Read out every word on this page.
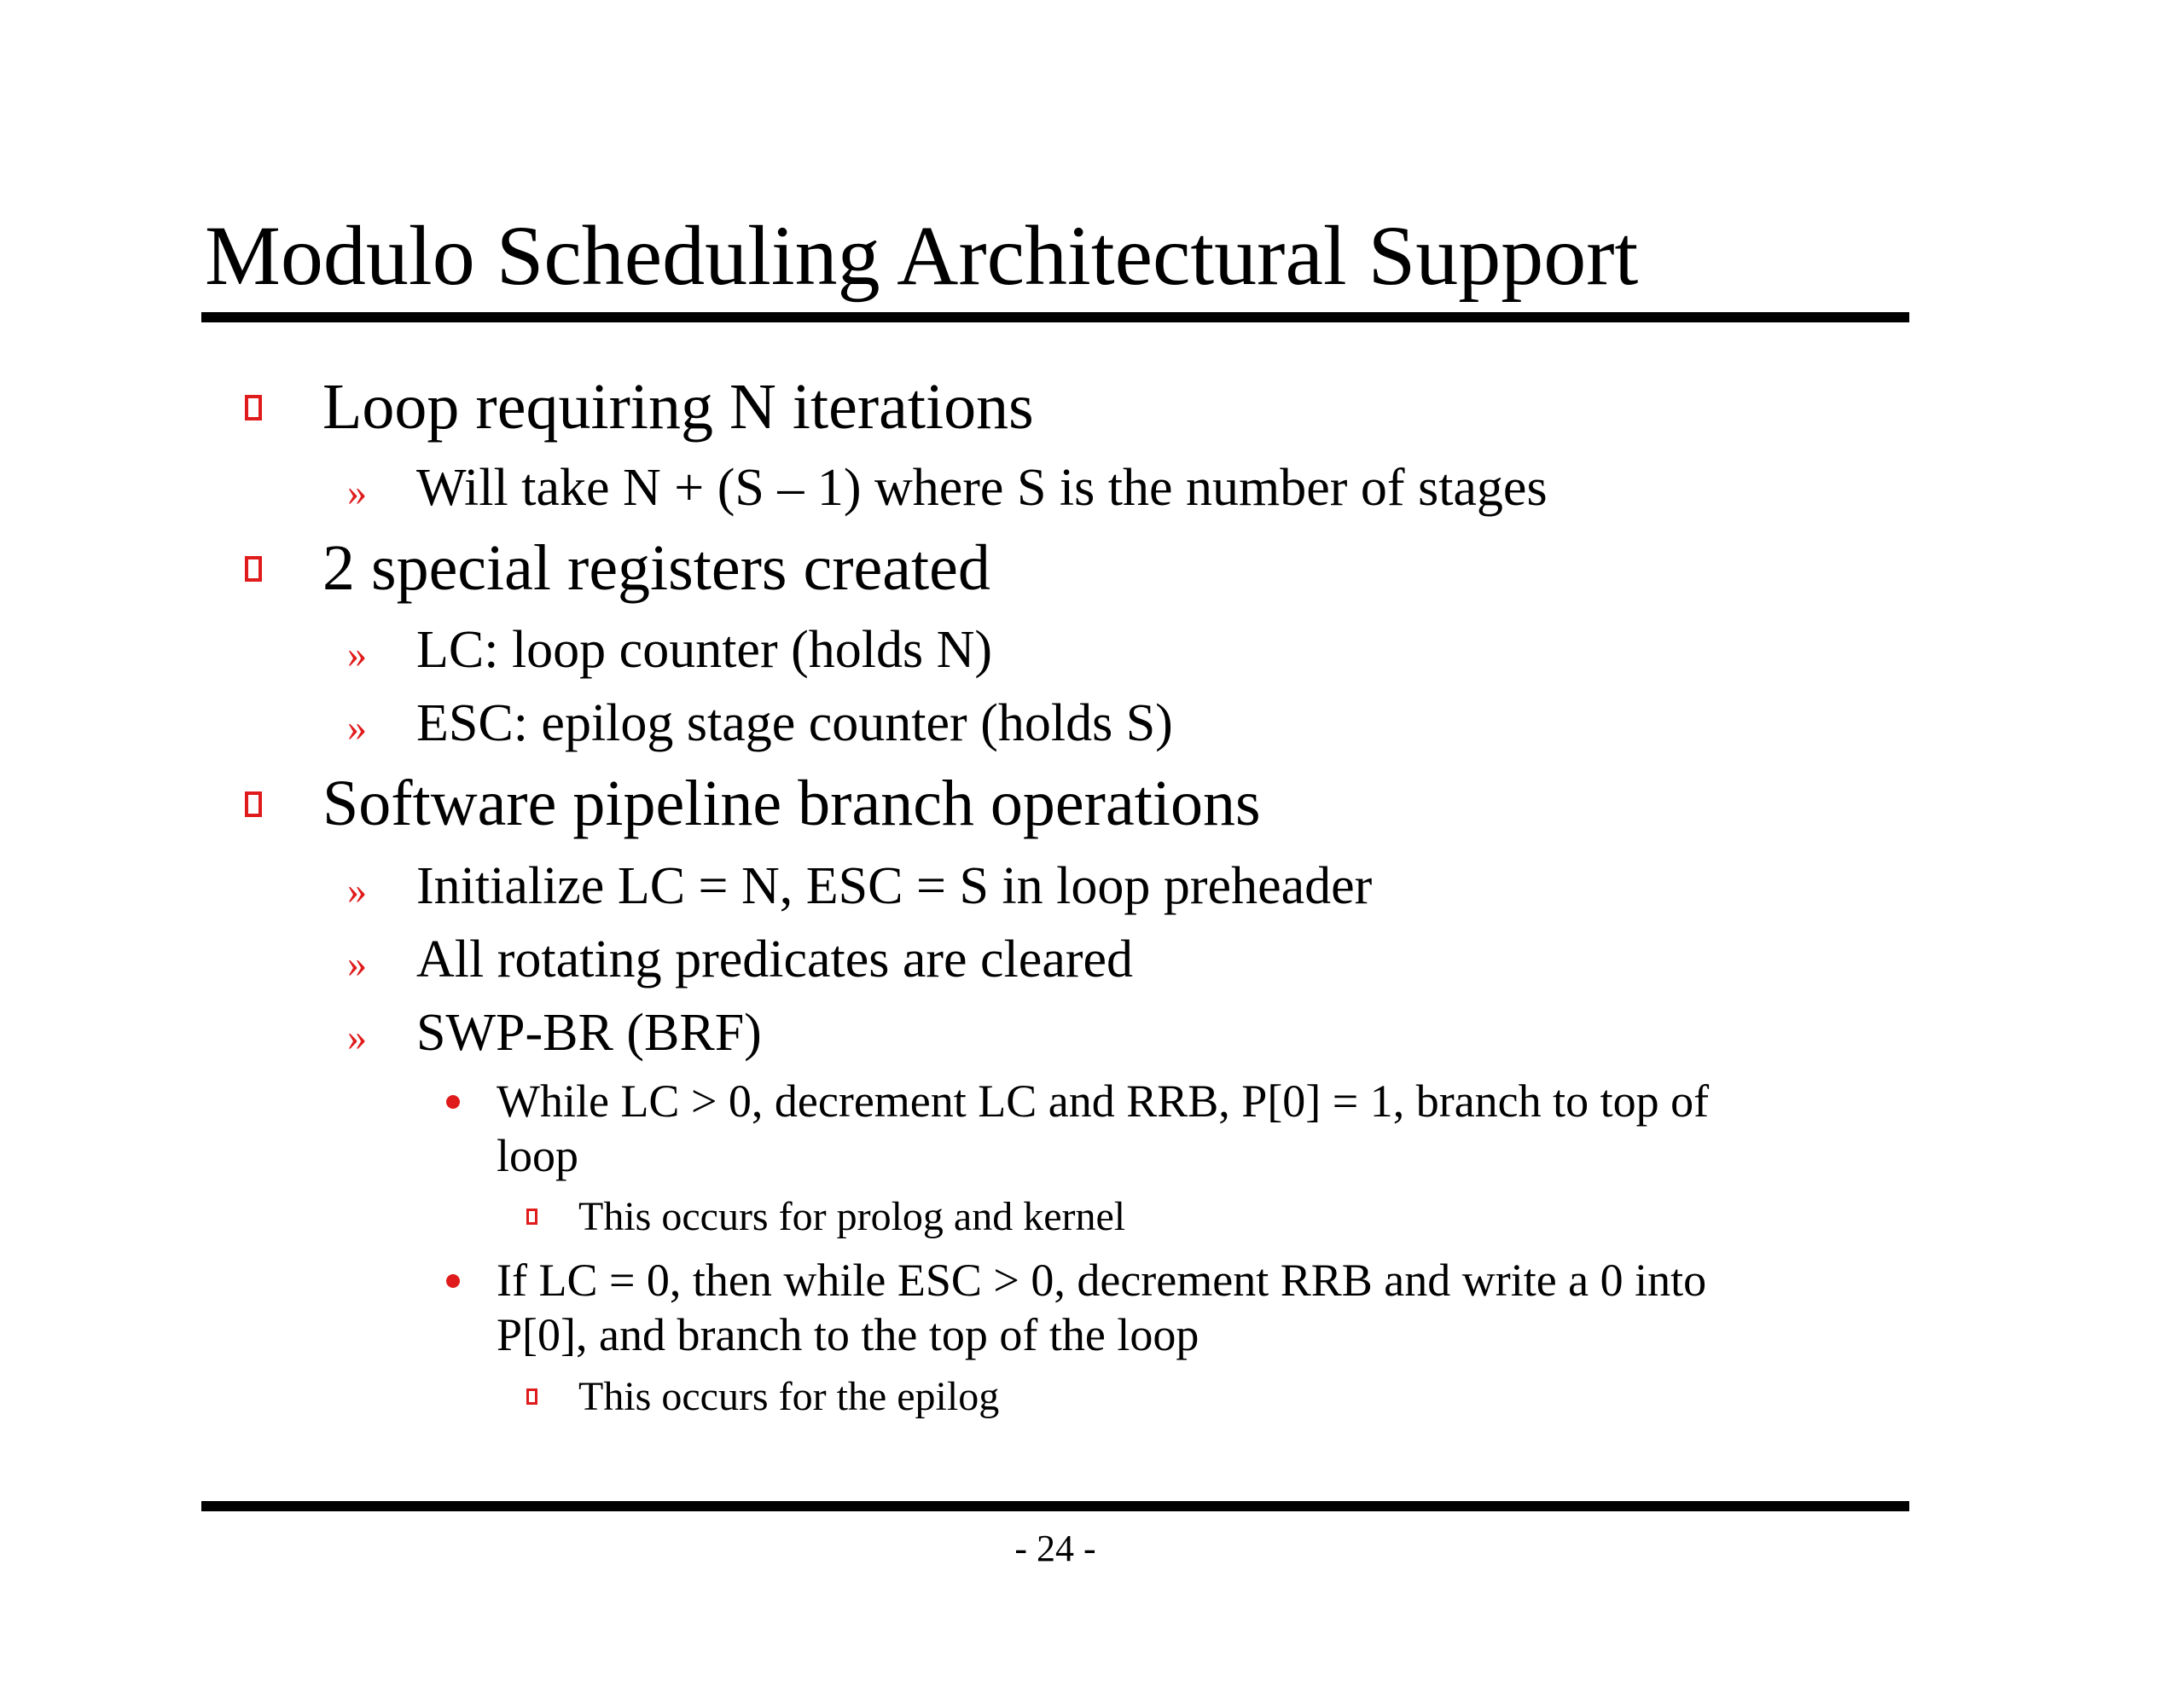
Modulo Scheduling Architectural Support
Loop requiring N iterations
» Will take N + (S – 1) where S is the number of stages
2 special registers created
» LC: loop counter (holds N)
» ESC: epilog stage counter (holds S)
Software pipeline branch operations
» Initialize LC = N, ESC = S in loop preheader
» All rotating predicates are cleared
» SWP-BR (BRF)
While LC > 0, decrement LC and RRB, P[0] = 1, branch to top of
loop
This occurs for prolog and kernel
If LC = 0, then while ESC > 0, decrement RRB and write a 0 into
P[0], and branch to the top of the loop
This occurs for the epilog
- 24 -
